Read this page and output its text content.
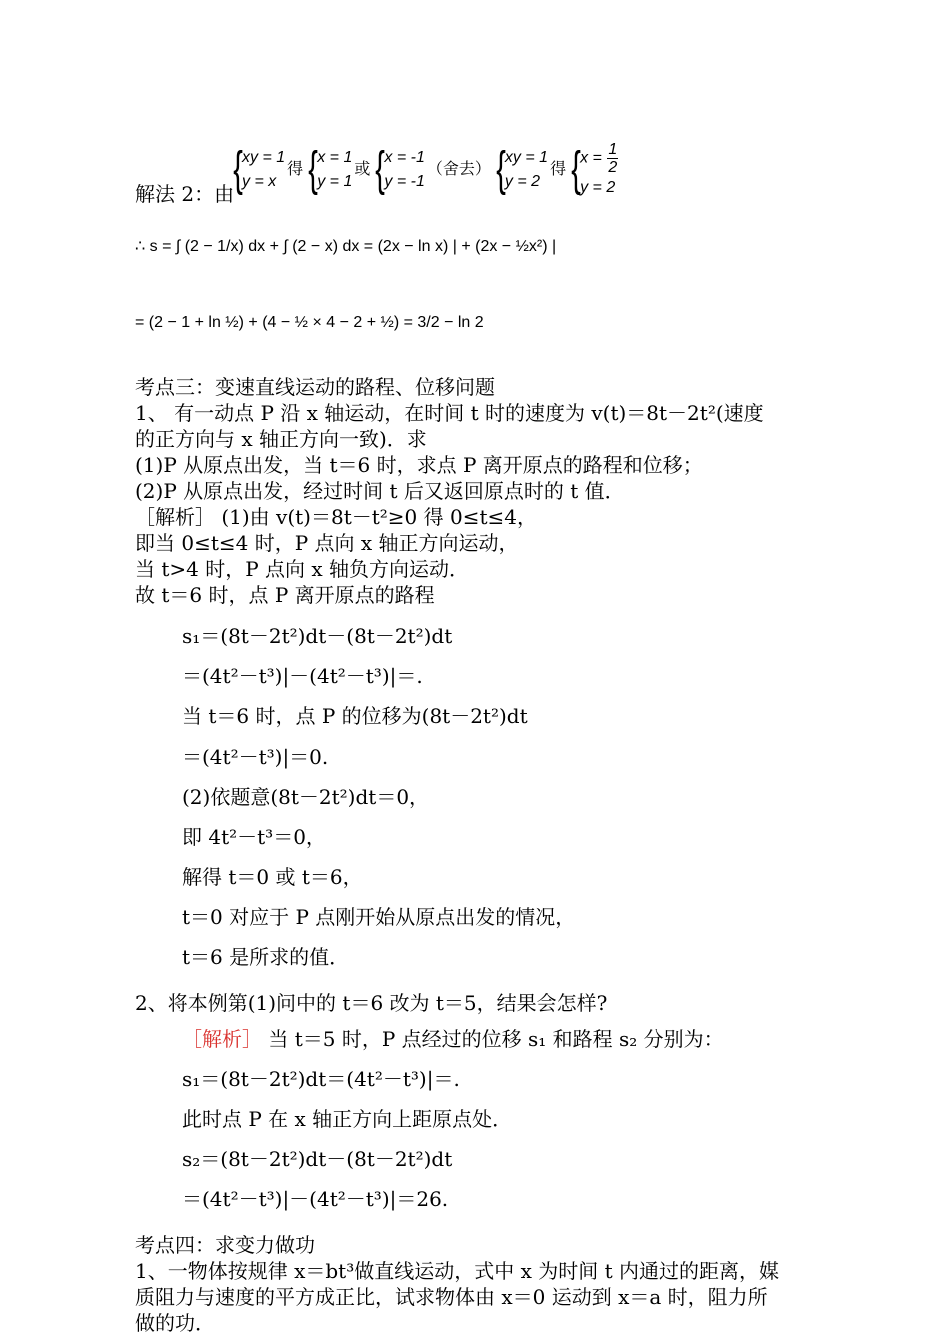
解法 2：由 { xy = 1
y = x
得 { x = 1
y = 1
或 { x = -1
y = -1
（舍去） { xy = 1
y = 2
得 { $x = \frac{1}{2}$
y = 2
∴ s = ∫ (2 − 1/x) dx + ∫ (2 − x) dx = (2x − ln x) | + (2x − ½x²) |
= (2 − 1 + ln ½) + (4 − ½ × 4 − 2 + ½) = 3/2 − ln 2
考点三：变速直线运动的路程、位移问题
1、 有一动点 P 沿 x 轴运动，在时间 t 时的速度为 v(t)＝8t－2t²(速度
的正方向与 x 轴正方向一致)．求
(1)P 从原点出发，当 t＝6 时，求点 P 离开原点的路程和位移；
(2)P 从原点出发，经过时间 t 后又返回原点时的 t 值．
［解析］ (1)由 v(t)＝8t－t²≥0 得 0≤t≤4，
即当 0≤t≤4 时，P 点向 x 轴正方向运动，
当 t>4 时，P 点向 x 轴负方向运动．
故 t＝6 时，点 P 离开原点的路程
s₁＝(8t－2t²)dt－(8t－2t²)dt
＝(4t²－t³)|－(4t²－t³)|＝.
当 t＝6 时，点 P 的位移为(8t－2t²)dt
＝(4t²－t³)|＝0.
(2)依题意(8t－2t²)dt＝0，
即 4t²－t³＝0，
解得 t＝0 或 t＝6，
t＝0 对应于 P 点刚开始从原点出发的情况，
t＝6 是所求的值．
2、将本例第(1)问中的 t＝6 改为 t＝5，结果会怎样?
［解析］ 当 t＝5 时，P 点经过的位移 s₁ 和路程 s₂ 分别为：
s₁＝(8t－2t²)dt＝(4t²－t³)|＝.
此时点 P 在 x 轴正方向上距原点处．
s₂＝(8t－2t²)dt－(8t－2t²)dt
＝(4t²－t³)|－(4t²－t³)|＝26.
考点四：求变力做功
1、一物体按规律 x＝bt³做直线运动，式中 x 为时间 t 内通过的距离，媒
质阻力与速度的平方成正比，试求物体由 x＝0 运动到 x＝a 时，阻力所
做的功．
